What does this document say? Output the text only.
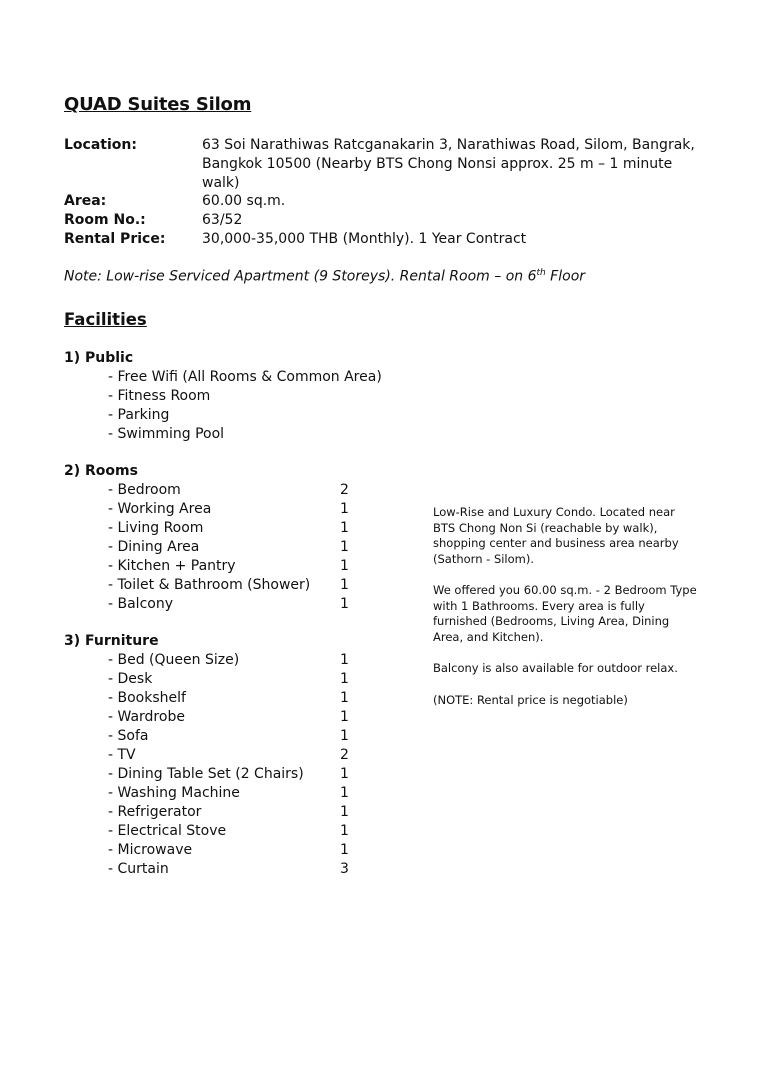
QUAD Suites Silom
Location:	63 Soi Narathiwas Ratcganakarin 3, Narathiwas Road, Silom, Bangrak, Bangkok 10500 (Nearby BTS Chong Nonsi approx. 25 m – 1 minute walk)
Area:	60.00 sq.m.
Room No.:	63/52
Rental Price:	30,000-35,000 THB (Monthly). 1 Year Contract
Note: Low-rise Serviced Apartment (9 Storeys). Rental Room – on 6th Floor
Facilities
1) Public
- Free Wifi (All Rooms & Common Area)
- Fitness Room
- Parking
- Swimming Pool
2) Rooms
- Bedroom	2
- Working Area	1
- Living Room	1
- Dining Area	1
- Kitchen + Pantry	1
- Toilet & Bathroom (Shower) 1
- Balcony	1
3) Furniture
- Bed (Queen Size)	1
- Desk	1
- Bookshelf	1
- Wardrobe	1
- Sofa	1
- TV	2
- Dining Table Set (2 Chairs)	1
- Washing Machine	1
- Refrigerator	1
- Electrical Stove	1
- Microwave	1
- Curtain	3

Low-Rise and Luxury Condo. Located near BTS Chong Non Si (reachable by walk), shopping center and business area nearby (Sathorn - Silom).

We offered you 60.00 sq.m. - 2 Bedroom Type with 1 Bathrooms. Every area is fully furnished (Bedrooms, Living Area, Dining Area, and Kitchen).

Balcony is also available for outdoor relax.

(NOTE: Rental price is negotiable)
